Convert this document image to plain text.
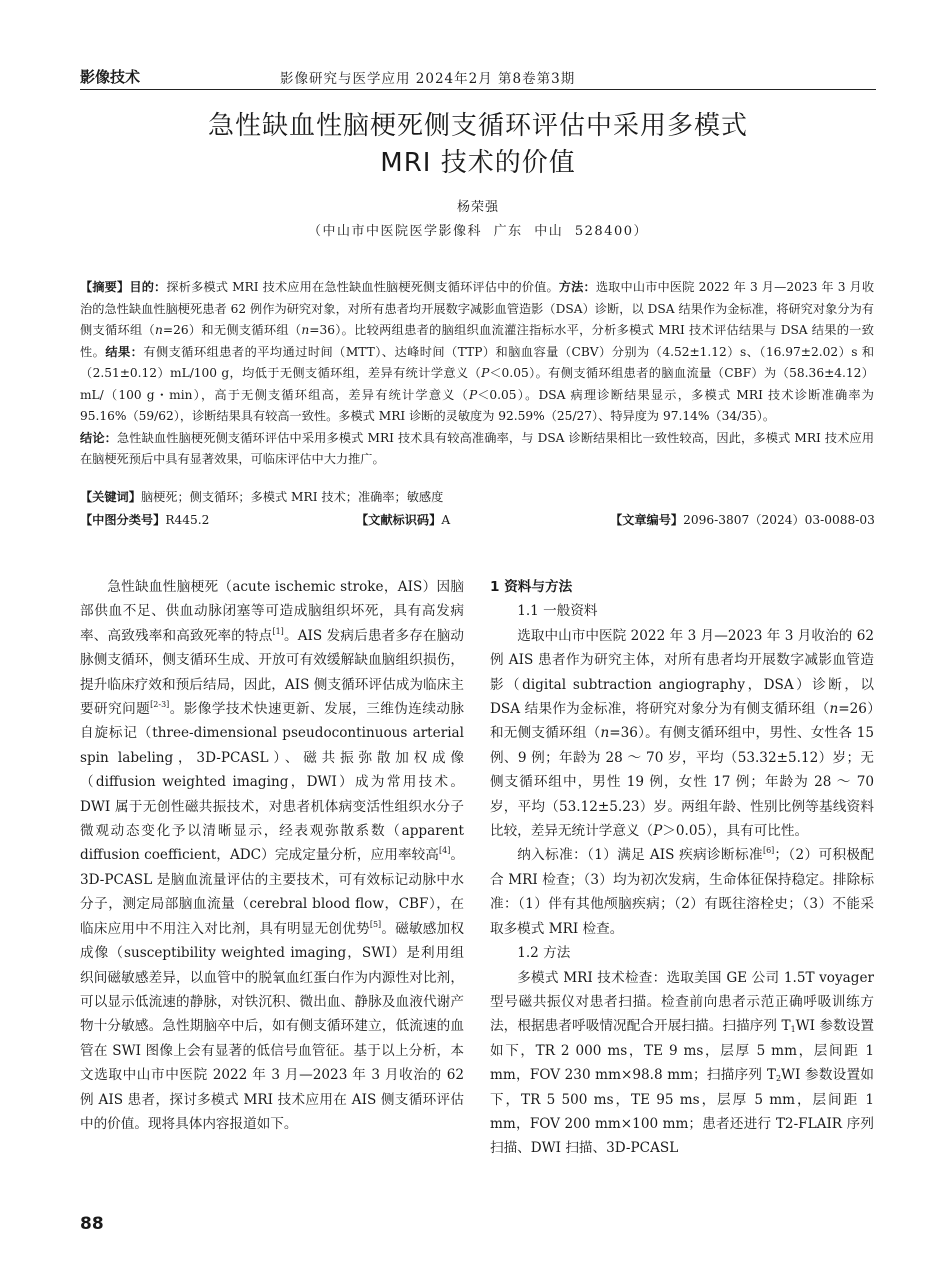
影像技术	影像研究与医学应用 2024年2月 第8卷第3期
急性缺血性脑梗死侧支循环评估中采用多模式
MRI 技术的价值
杨荣强
（中山市中医院医学影像科 广东 中山 528400）
【摘要】目的：探析多模式 MRI 技术应用在急性缺血性脑梗死侧支循环评估中的价值。方法：选取中山市中医院 2022 年 3 月—2023 年 3 月收治的急性缺血性脑梗死患者 62 例作为研究对象，对所有患者均开展数字减影血管造影（DSA）诊断，以 DSA 结果作为金标准，将研究对象分为有侧支循环组（n=26）和无侧支循环组（n=36）。比较两组患者的脑组织血流灌注指标水平，分析多模式 MRI 技术评估结果与 DSA 结果的一致性。结果：有侧支循环组患者的平均通过时间（MTT）、达峰时间（TTP）和脑血容量（CBV）分别为（4.52±1.12）s、（16.97±2.02）s 和（2.51±0.12）mL/100 g，均低于无侧支循环组，差异有统计学意义（P＜0.05）。有侧支循环组患者的脑血流量（CBF）为（58.36±4.12）mL/（100 g・min），高于无侧支循环组高，差异有统计学意义（P＜0.05）。DSA 病理诊断结果显示，多模式 MRI 技术诊断准确率为 95.16%（59/62），诊断结果具有较高一致性。多模式 MRI 诊断的灵敏度为 92.59%（25/27）、特异度为 97.14%（34/35）。
结论：急性缺血性脑梗死侧支循环评估中采用多模式 MRI 技术具有较高准确率，与 DSA 诊断结果相比一致性较高，因此，多模式 MRI 技术应用在脑梗死预后中具有显著效果，可临床评估中大力推广。
【关键词】脑梗死；侧支循环；多模式 MRI 技术；准确率；敏感度
【中图分类号】R445.2	【文献标识码】A	【文章编号】2096-3807（2024）03-0088-03

急性缺血性脑梗死（acute ischemic stroke，AIS）因脑部供血不足、供血动脉闭塞等可造成脑组织坏死，具有高发病率、高致残率和高致死率的特点[1]。AIS 发病后患者多存在脑动脉侧支循环，侧支循环生成、开放可有效缓解缺血脑组织损伤，提升临床疗效和预后结局，因此，AIS 侧支循环评估成为临床主要研究问题[2-3]。影像学技术快速更新、发展，三维伪连续动脉自旋标记（three-dimensional pseudocontinuous arterial spin labeling，3D-PCASL）、磁共振弥散加权成像（diffusion weighted imaging，DWI）成为常用技术。DWI 属于无创性磁共振技术，对患者机体病变活性组织水分子微观动态变化予以清晰显示，经表观弥散系数（apparent diffusion coefficient，ADC）完成定量分析，应用率较高[4]。3D-PCASL 是脑血流量评估的主要技术，可有效标记动脉中水分子，测定局部脑血流量（cerebral blood flow，CBF），在临床应用中不用注入对比剂，具有明显无创优势[5]。磁敏感加权成像（susceptibility weighted imaging，SWI）是利用组织间磁敏感差异，以血管中的脱氧血红蛋白作为内源性对比剂，可以显示低流速的静脉，对铁沉积、微出血、静脉及血液代谢产物十分敏感。急性期脑卒中后，如有侧支循环建立，低流速的血管在 SWI 图像上会有显著的低信号血管征。基于以上分析，本文选取中山市中医院 2022 年 3 月—2023 年 3 月收治的 62 例 AIS 患者，探讨多模式 MRI 技术应用在 AIS 侧支循环评估中的价值。现将具体内容报道如下。

1 资料与方法
1.1 一般资料

选取中山市中医院 2022 年 3 月—2023 年 3 月收治的 62 例 AIS 患者作为研究主体，对所有患者均开展数字减影血管造影（digital subtraction angiography，DSA）诊断，以 DSA 结果作为金标准，将研究对象分为有侧支循环组（n=26）和无侧支循环组（n=36）。有侧支循环组中，男性、女性各 15 例、9 例；年龄为 28 ～ 70 岁，平均（53.32±5.12）岁；无侧支循环组中，男性 19 例，女性 17 例；年龄为 28 ～ 70 岁，平均（53.12±5.23）岁。两组年龄、性别比例等基线资料比较，差异无统计学意义（P＞0.05），具有可比性。

纳入标准：（1）满足 AIS 疾病诊断标准[6]；（2）可积极配合 MRI 检查；（3）均为初次发病，生命体征保持稳定。排除标准：（1）伴有其他颅脑疾病；（2）有既往溶栓史；（3）不能采取多模式 MRI 检查。

1.2 方法

多模式 MRI 技术检查：选取美国 GE 公司 1.5T voyager 型号磁共振仪对患者扫描。检查前向患者示范正确呼吸训练方法，根据患者呼吸情况配合开展扫描。扫描序列 $T_1WI$ 参数设置如下，TR 2 000 ms，TE 9 ms，层厚 5 mm，层间距 1 mm，FOV 230 mm×98.8 mm；扫描序列 $T_2WI$ 参数设置如下，TR 5 500 ms，TE 95 ms，层厚 5 mm，层间距 1 mm，FOV 200 mm×100 mm；患者还进行 T2-FLAIR 序列扫描、DWI 扫描、3D-PCASL

88
